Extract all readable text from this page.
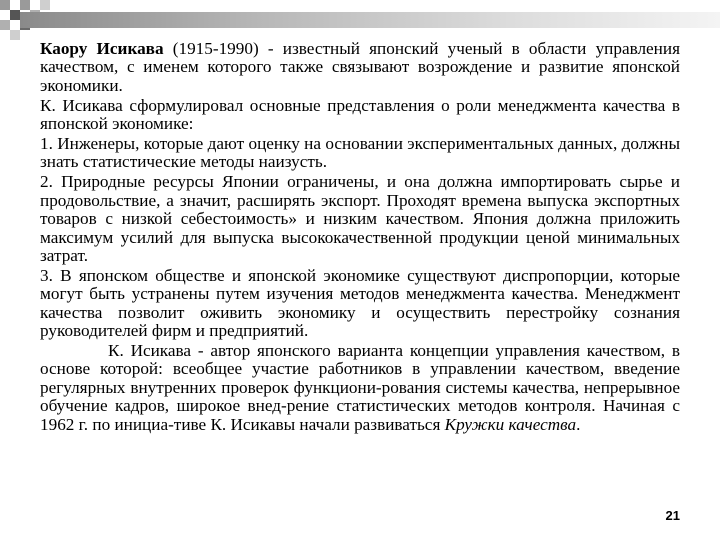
Каору Исикава (1915-1990) - известный японский ученый в области управления качеством, с именем которого также связывают возрождение и развитие японской экономики.

К. Исикава сформулировал основные представления о роли менеджмента качества в японской экономике:

1. Инженеры, которые дают оценку на основании экспериментальных данных, должны знать статистические методы наизусть.

2. Природные ресурсы Японии ограничены, и она должна импортировать сырье и продовольствие, а значит, расширять экспорт. Проходят времена выпуска экспортных товаров с низкой себестоимость» и низким качеством. Япония должна приложить максимум усилий для выпуска высококачественной продукции ценой минимальных затрат.

3. В японском обществе и японской экономике существуют диспропорции, которые могут быть устранены путем изучения методов менеджмента качества. Менеджмент качества позволит оживить экономику и осуществить перестройку сознания руководителей фирм и предприятий.

К. Исикава - автор японского варианта концепции управления качеством, в основе которой: всеобщее участие работников в управлении качеством, введение регулярных внутренних проверок функциони-рования системы качества, непрерывное обучение кадров, широкое внед-рение статистических методов контроля. Начиная с 1962 г. по инициа-тиве К. Исикавы начали развиваться Кружки качества.

21
